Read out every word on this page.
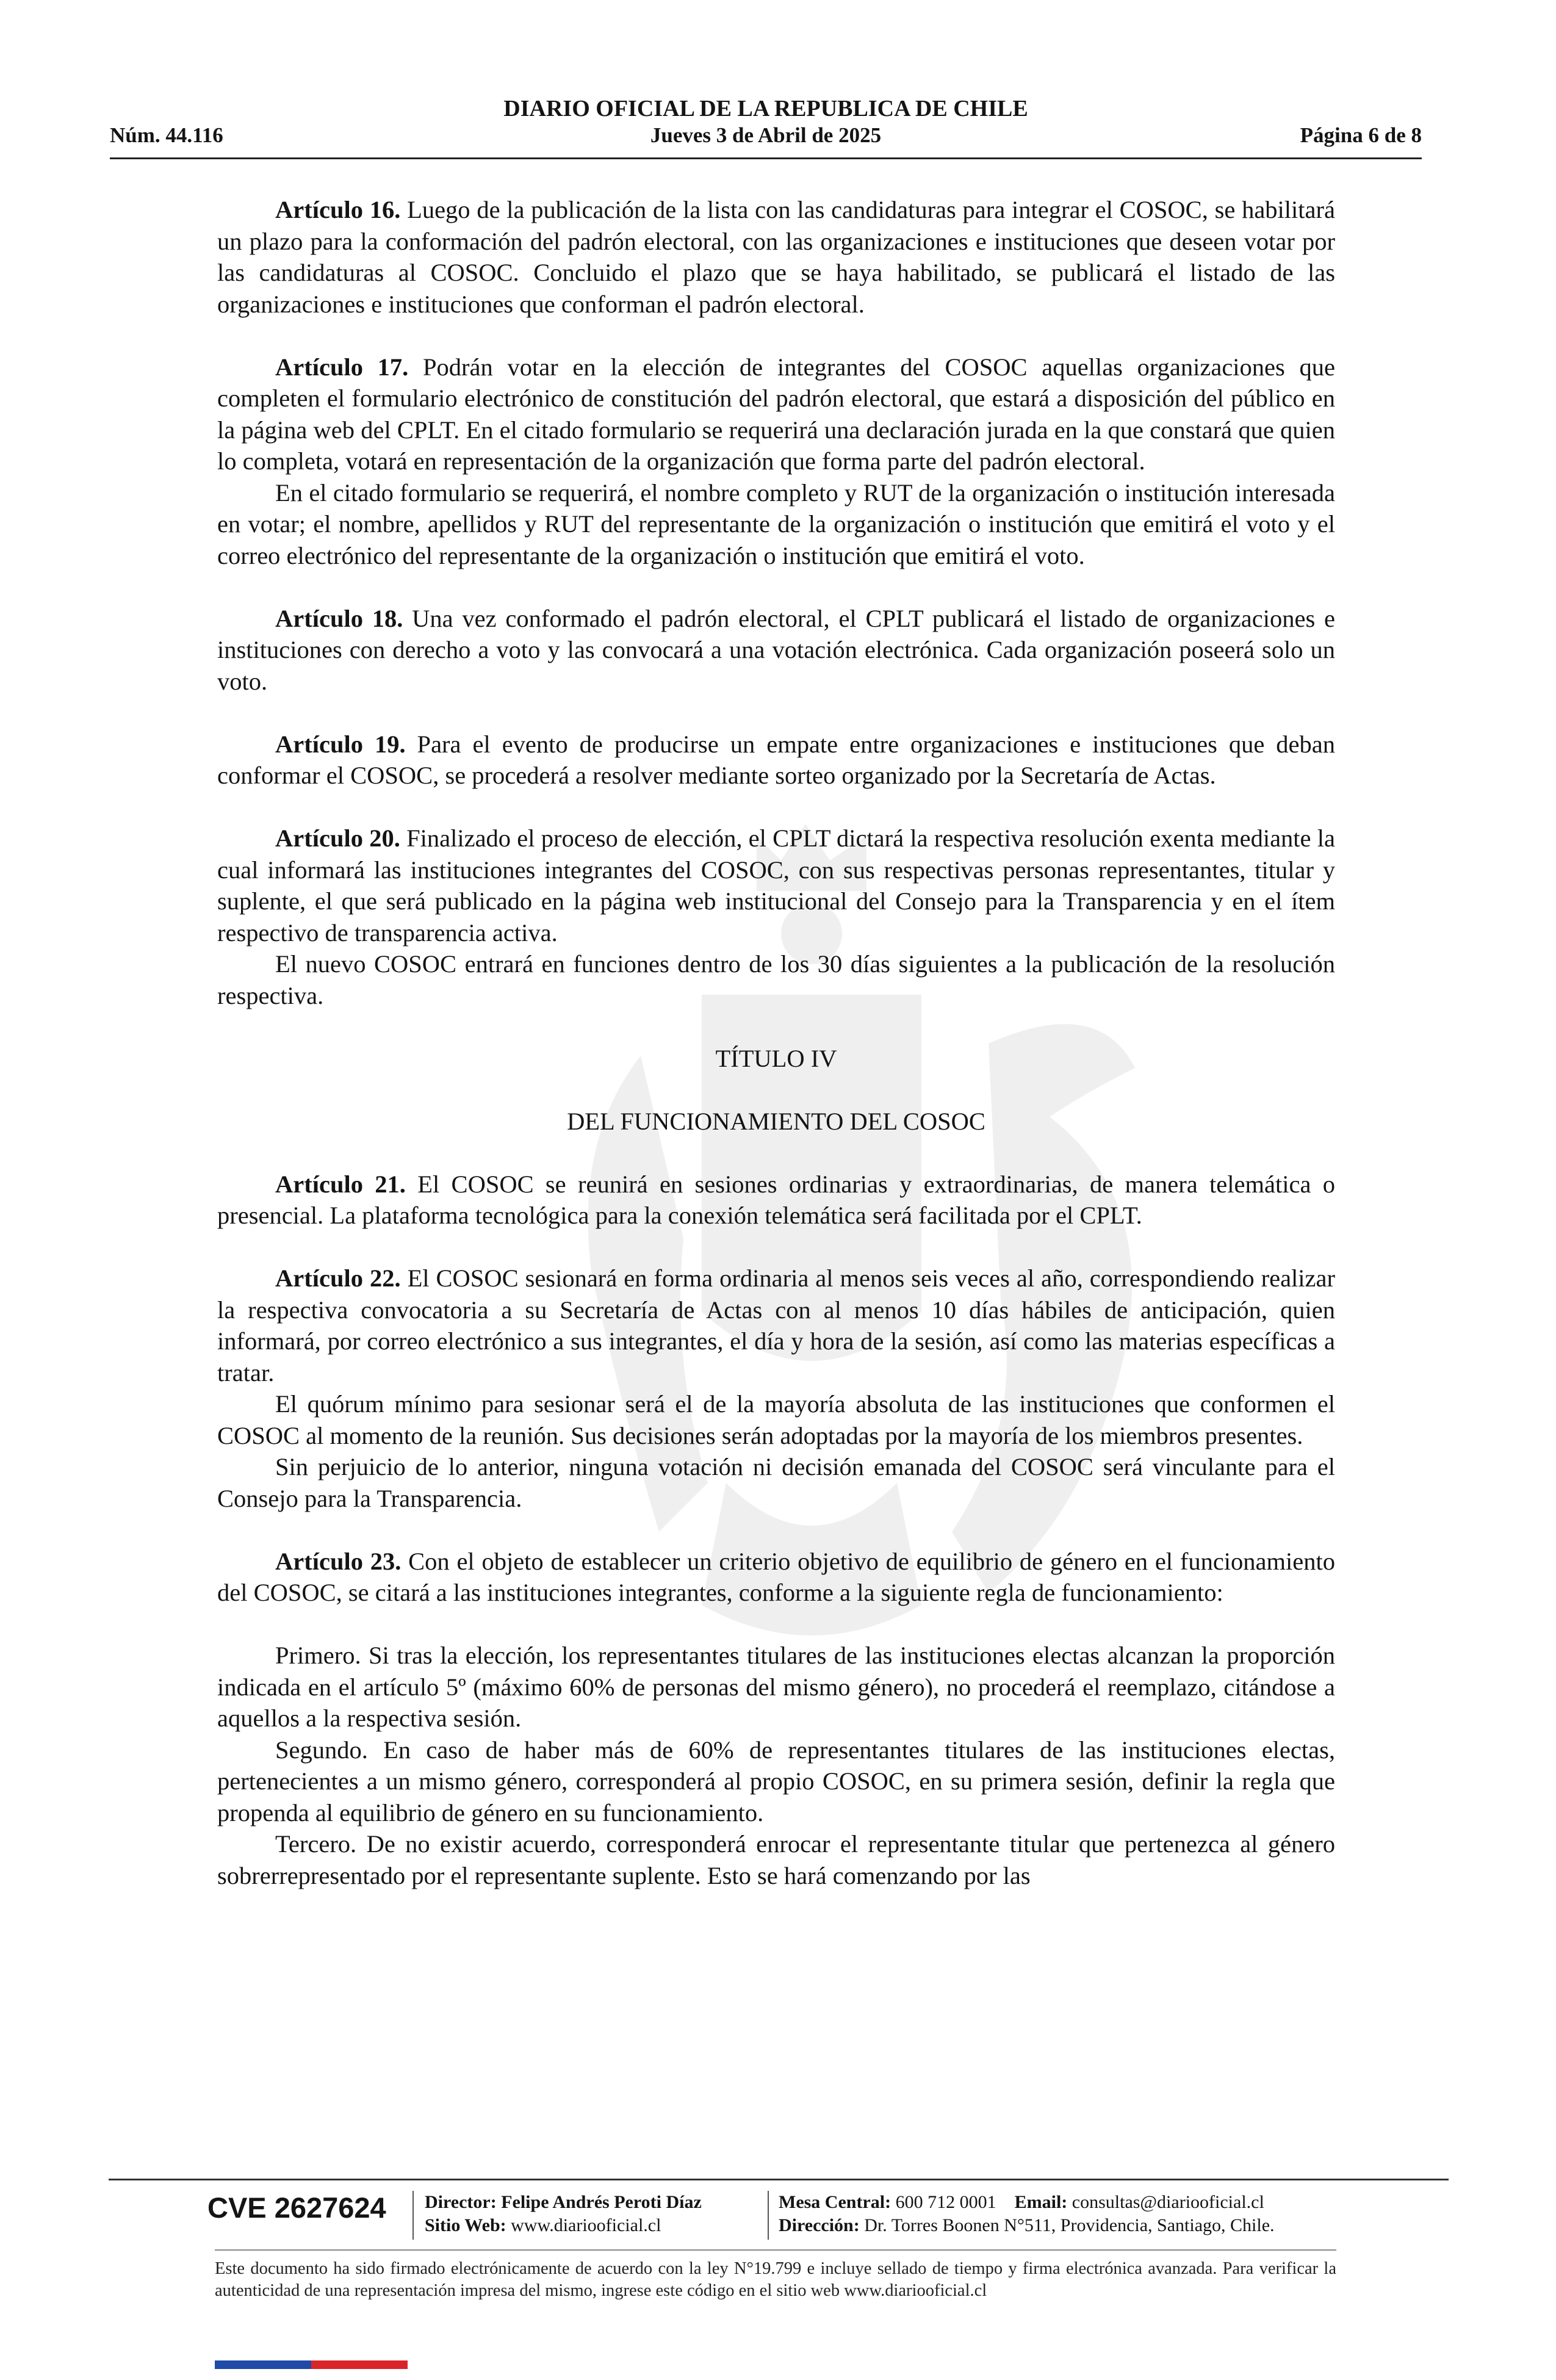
DIARIO OFICIAL DE LA REPUBLICA DE CHILE
Núm. 44.116	Jueves 3 de Abril de 2025	Página 6 de 8

Artículo 16. Luego de la publicación de la lista con las candidaturas para integrar el COSOC, se habilitará un plazo para la conformación del padrón electoral, con las organizaciones e instituciones que deseen votar por las candidaturas al COSOC. Concluido el plazo que se haya habilitado, se publicará el listado de las organizaciones e instituciones que conforman el padrón electoral.

Artículo 17. Podrán votar en la elección de integrantes del COSOC aquellas organizaciones que completen el formulario electrónico de constitución del padrón electoral, que estará a disposición del público en la página web del CPLT. En el citado formulario se requerirá una declaración jurada en la que constará que quien lo completa, votará en representación de la organización que forma parte del padrón electoral.

En el citado formulario se requerirá, el nombre completo y RUT de la organización o institución interesada en votar; el nombre, apellidos y RUT del representante de la organización o institución que emitirá el voto y el correo electrónico del representante de la organización o institución que emitirá el voto.

Artículo 18. Una vez conformado el padrón electoral, el CPLT publicará el listado de organizaciones e instituciones con derecho a voto y las convocará a una votación electrónica. Cada organización poseerá solo un voto.

Artículo 19. Para el evento de producirse un empate entre organizaciones e instituciones que deban conformar el COSOC, se procederá a resolver mediante sorteo organizado por la Secretaría de Actas.

Artículo 20. Finalizado el proceso de elección, el CPLT dictará la respectiva resolución exenta mediante la cual informará las instituciones integrantes del COSOC, con sus respectivas personas representantes, titular y suplente, el que será publicado en la página web institucional del Consejo para la Transparencia y en el ítem respectivo de transparencia activa.

El nuevo COSOC entrará en funciones dentro de los 30 días siguientes a la publicación de la resolución respectiva.

TÍTULO IV

DEL FUNCIONAMIENTO DEL COSOC

Artículo 21. El COSOC se reunirá en sesiones ordinarias y extraordinarias, de manera telemática o presencial. La plataforma tecnológica para la conexión telemática será facilitada por el CPLT.

Artículo 22. El COSOC sesionará en forma ordinaria al menos seis veces al año, correspondiendo realizar la respectiva convocatoria a su Secretaría de Actas con al menos 10 días hábiles de anticipación, quien informará, por correo electrónico a sus integrantes, el día y hora de la sesión, así como las materias específicas a tratar.

El quórum mínimo para sesionar será el de la mayoría absoluta de las instituciones que conformen el COSOC al momento de la reunión. Sus decisiones serán adoptadas por la mayoría de los miembros presentes.

Sin perjuicio de lo anterior, ninguna votación ni decisión emanada del COSOC será vinculante para el Consejo para la Transparencia.

Artículo 23. Con el objeto de establecer un criterio objetivo de equilibrio de género en el funcionamiento del COSOC, se citará a las instituciones integrantes, conforme a la siguiente regla de funcionamiento:

Primero. Si tras la elección, los representantes titulares de las instituciones electas alcanzan la proporción indicada en el artículo 5º (máximo 60% de personas del mismo género), no procederá el reemplazo, citándose a aquellos a la respectiva sesión.

Segundo. En caso de haber más de 60% de representantes titulares de las instituciones electas, pertenecientes a un mismo género, corresponderá al propio COSOC, en su primera sesión, definir la regla que propenda al equilibrio de género en su funcionamiento.

Tercero. De no existir acuerdo, corresponderá enrocar el representante titular que pertenezca al género sobrerrepresentado por el representante suplente. Esto se hará comenzando por las

CVE 2627624 Director: Felipe Andrés Peroti Díaz
Sitio Web: www.diariooficial.cl
Mesa Central: 600 712 0001 Email: consultas@diariooficial.cl
Dirección: Dr. Torres Boonen N°511, Providencia, Santiago, Chile.
Este documento ha sido firmado electrónicamente de acuerdo con la ley N°19.799 e incluye sellado de tiempo y firma electrónica avanzada. Para verificar la autenticidad de una representación impresa del mismo, ingrese este código en el sitio web www.diariooficial.cl
